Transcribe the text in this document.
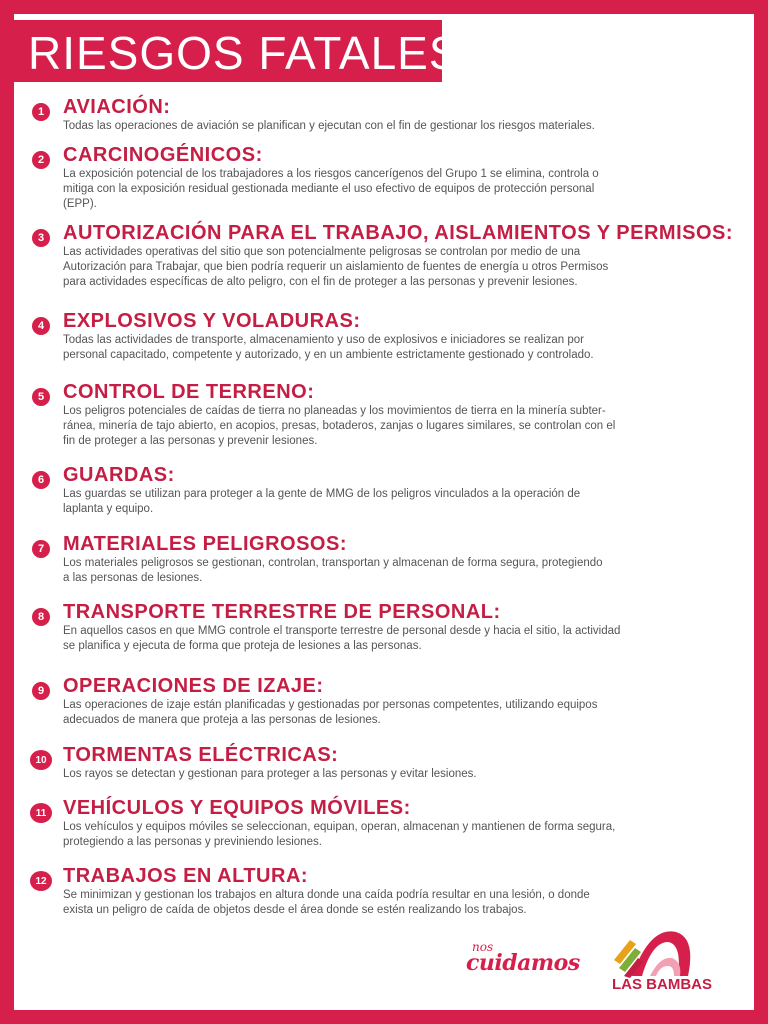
RIESGOS FATALES
1 AVIACIÓN:

Todas las operaciones de aviación se planifican y ejecutan con el fin de gestionar los riesgos materiales.

2 CARCINOGÉNICOS:

La exposición potencial de los trabajadores a los riesgos cancerígenos del Grupo 1 se elimina, controla o
mitiga con la exposición residual gestionada mediante el uso efectivo de equipos de protección personal
(EPP).

3 AUTORIZACIÓN PARA EL TRABAJO, AISLAMIENTOS Y PERMISOS:

Las actividades operativas del sitio que son potencialmente peligrosas se controlan por medio de una
Autorización para Trabajar, que bien podría requerir un aislamiento de fuentes de energía u otros Permisos
para actividades específicas de alto peligro, con el fin de proteger a las personas y prevenir lesiones.

4 EXPLOSIVOS Y VOLADURAS:

Todas las actividades de transporte, almacenamiento y uso de explosivos e iniciadores se realizan por
personal capacitado, competente y autorizado, y en un ambiente estrictamente gestionado y controlado.

5 CONTROL DE TERRENO:

Los peligros potenciales de caídas de tierra no planeadas y los movimientos de tierra en la minería subter-
ránea, minería de tajo abierto, en acopios, presas, botaderos, zanjas o lugares similares, se controlan con el
fin de proteger a las personas y prevenir lesiones.

6 GUARDAS:

Las guardas se utilizan para proteger a la gente de MMG de los peligros vinculados a la operación de
laplanta y equipo.

7 MATERIALES PELIGROSOS:

Los materiales peligrosos se gestionan, controlan, transportan y almacenan de forma segura, protegiendo
a las personas de lesiones.

8 TRANSPORTE TERRESTRE DE PERSONAL:

En aquellos casos en que MMG controle el transporte terrestre de personal desde y hacia el sitio, la actividad
se planifica y ejecuta de forma que proteja de lesiones a las personas.

9 OPERACIONES DE IZAJE:

Las operaciones de izaje están planificadas y gestionadas por personas competentes, utilizando equipos
adecuados de manera que proteja a las personas de lesiones.

10 TORMENTAS ELÉCTRICAS:

Los rayos se detectan y gestionan para proteger a las personas y evitar lesiones.

11 VEHÍCULOS Y EQUIPOS MÓVILES:

Los vehículos y equipos móviles se seleccionan, equipan, operan, almacenan y mantienen de forma segura,
protegiendo a las personas y previniendo lesiones.

12 TRABAJOS EN ALTURA:

Se minimizan y gestionan los trabajos en altura donde una caída podría resultar en una lesión, o donde
exista un peligro de caída de objetos desde el área donde se estén realizando los trabajos.

nos
cuidamos
LAS BAMBAS
